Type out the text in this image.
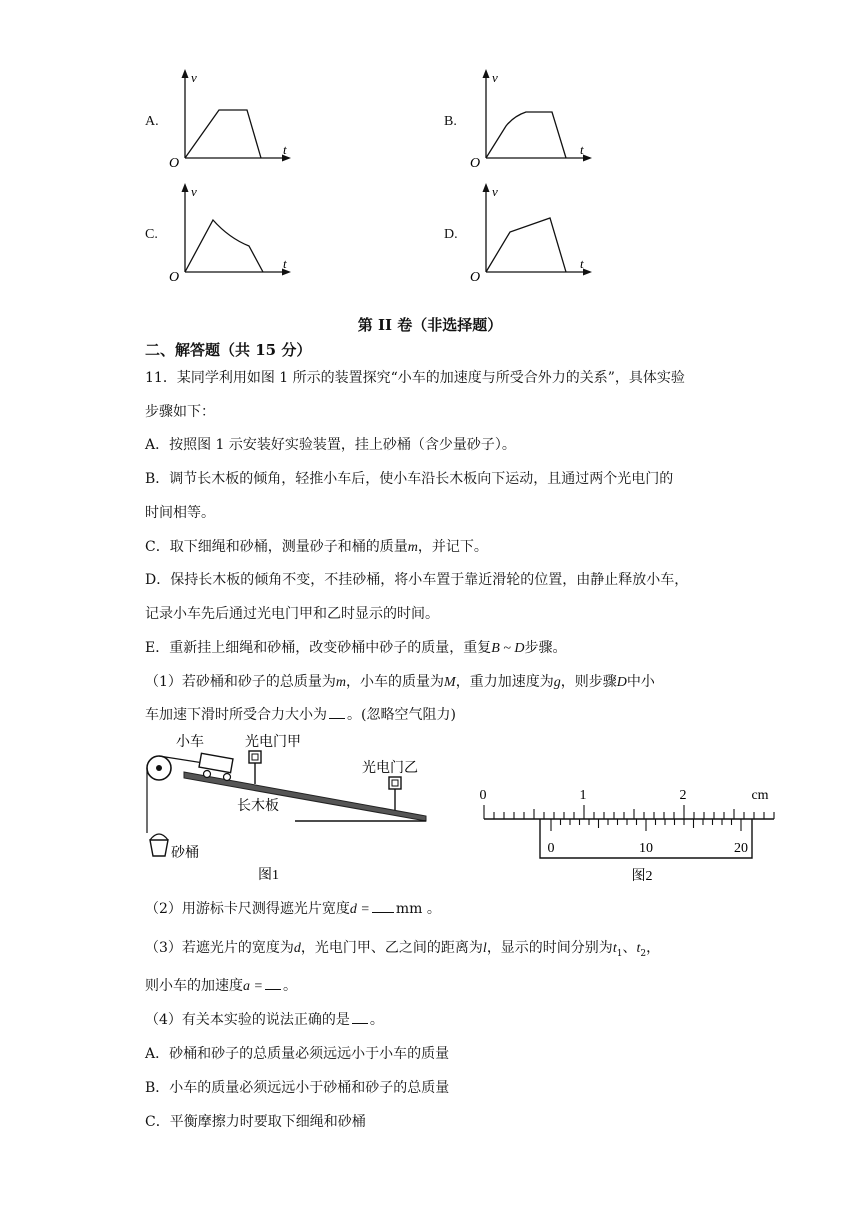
A.	B.
C.	D.
v
t
O
v
t
O
v
t
O
v
t
O
第 II 卷（非选择题）
二、解答题（共 15 分）
11．某同学利用如图 1 所示的装置探究“小车的加速度与所受合外力的关系”，具体实验
步骤如下：
A．按照图 1 示安装好实验装置，挂上砂桶（含少量砂子）。
B．调节长木板的倾角，轻推小车后，使小车沿长木板向下运动，且通过两个光电门的
时间相等。
C．取下细绳和砂桶，测量砂子和桶的质量m，并记下。
D．保持长木板的倾角不变，不挂砂桶，将小车置于靠近滑轮的位置，由静止释放小车，
记录小车先后通过光电门甲和乙时显示的时间。
E．重新挂上细绳和砂桶，改变砂桶中砂子的质量，重复B ~ D步骤。
（1）若砂桶和砂子的总质量为m，小车的质量为M，重力加速度为g，则步骤D中小
车加速下滑时所受合力大小为 。(忽略空气阻力)
小车	光电门甲
光电门乙
长木板
砂桶
图1
0	1	2	cm
0	10	20
图2
（2）用游标卡尺测得遮光片宽度d = mm 。
（3）若遮光片的宽度为d，光电门甲、乙之间的距离为l，显示的时间分别为$t_1$、$t_2$，
则小车的加速度a = 。
（4）有关本实验的说法正确的是 。
A．砂桶和砂子的总质量必须远远小于小车的质量
B．小车的质量必须远远小于砂桶和砂子的总质量
C．平衡摩擦力时要取下细绳和砂桶
